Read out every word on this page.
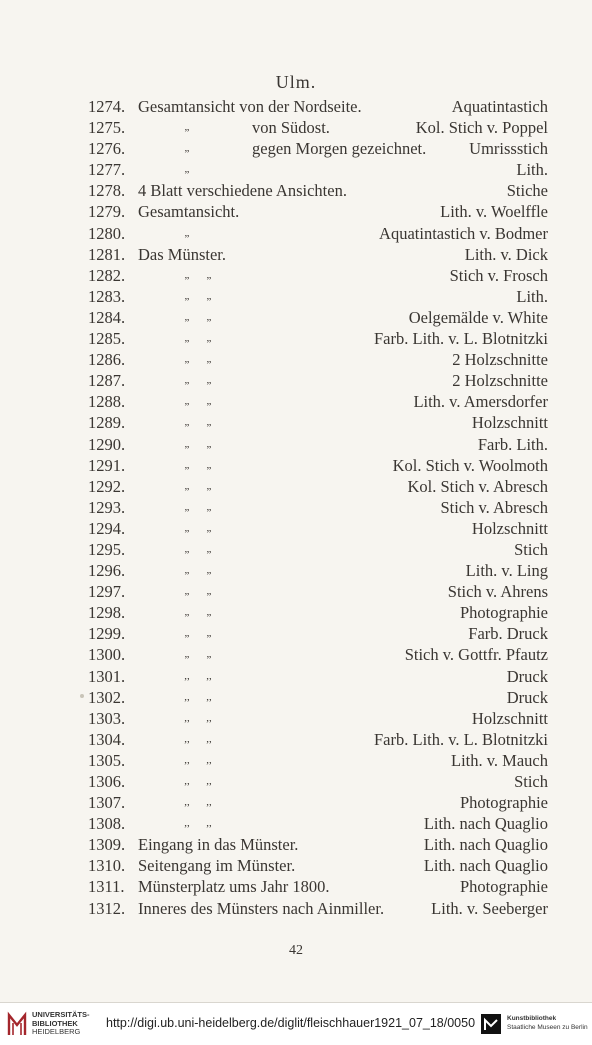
Ulm.
1274. Gesamtansicht von der Nordseite.	Aquatintastich
1275.	„	von Südost.	Kol. Stich v. Poppel
1276.	„	gegen Morgen gezeichnet.	Umrissstich
1277.	„	Lith.
1278. 4 Blatt verschiedene Ansichten.	Stiche
1279. Gesamtansicht.	Lith. v. Woelffle
1280.	„	Aquatintastich v. Bodmer
1281. Das Münster.	Lith. v. Dick
1282.	„	„	Stich v. Frosch
1283.	„	„	Lith.
1284.	„	„	Oelgemälde v. White
1285.	„	„	Farb. Lith. v. L. Blotnitzki
1286.	„	„	2 Holzschnitte
1287.	„	„	2 Holzschnitte
1288.	„	„	Lith. v. Amersdorfer
1289.	„	„	Holzschnitt
1290.	„	„	Farb. Lith.
1291.	„	„	Kol. Stich v. Woolmoth
1292.	„	„	Kol. Stich v. Abresch
1293.	„	„	Stich v. Abresch
1294.	„	„	Holzschnitt
1295.	„	„	Stich
1296.	„	„	Lith. v. Ling
1297.	„	„	Stich v. Ahrens
1298.	„	„	Photographie
1299.	„	„	Farb. Druck
1300.	„	„	Stich v. Gottfr. Pfautz
1301.	,,	,,	Druck
1302.	,,	,,	Druck
1303.	,,	,,	Holzschnitt
1304.	,,	,,	Farb. Lith. v. L. Blotnitzki
1305.	,,	,,	Lith. v. Mauch
1306.	,,	,,	Stich
1307.	,,	,,	Photographie
1308.	,,	,,	Lith. nach Quaglio
1309. Eingang in das Münster.	Lith. nach Quaglio
1310. Seitengang im Münster.	Lith. nach Quaglio
1311. Münsterplatz ums Jahr 1800.	Photographie
1312. Inneres des Münsters nach Ainmiller.	Lith. v. Seeberger
42
UNIVERSITÄTS-
BIBLIOTHEK
HEIDELBERG
http://digi.ub.uni-heidelberg.de/diglit/fleischhauer1921_07_18/0050	Kunstbibliothek
Staatliche Museen zu Berlin
